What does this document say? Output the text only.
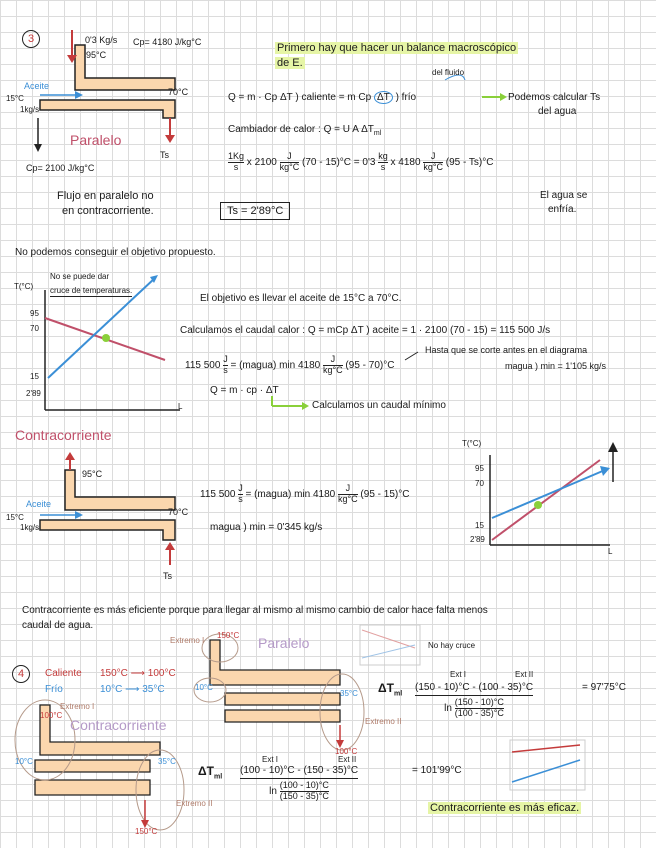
3	0'3 Kg/s Cp= 4180 J/kg°C
95°C
Aceite
15°C
1kg/s
70°C
Paralelo
Ts
Cp= 2100 J/kg°C
Flujo en paralelo no
en contracorriente.
Primero hay que hacer un balance macroscópico
de E.
del fluido
Q = m · Cp ΔT ) caliente = m Cp ΔT ) frío	Podemos calcular Ts
del agua
Cambiador de calor : Q = U A $\Delta T_{ml}$
$\frac{1Kg}{s}$ x $2100 \frac{J}{kg^\circ C} (70 - 15)^\circ C = 0'3 \frac{kg}{s}$ x $4180 \frac{J}{kg^\circ C} (95 - Ts)^\circ C$
El agua se
enfría.
Ts = 2'89°C
No podemos conseguir el objetivo propuesto.
No se puede dar
cruce de temperaturas.
T(°C)
L
95
70
15
2'89
El objetivo es llevar el aceite de 15°C a 70°C.
Calculamos el caudal calor : Q = mCp ΔT ) aceite = 1 · 2100 (70 - 15) = 115 500 J/s
115 $500 \frac{J}{s}$ = (magua) $\min 4180 \frac{J}{kg^\circ C} (95 - 70)^\circ C$
Hasta que se corte antes en el diagrama
magua ) min = 1'105 kg/s
Q = m · cp · ΔT
Calculamos un caudal mínimo
Contracorriente
95°C
Aceite
15°C
1kg/s
70°C
Ts
115 $500 \frac{J}{s}$ = (magua) $\min 4180 \frac{J}{kg^\circ C} (95 - 15)^\circ C$
magua ) min = 0'345 kg/s
T(°C)
L
95
70
15
2'89
Contracorriente es más eficiente porque para llegar al mismo al mismo cambio de calor hace falta menos
caudal de agua.
4	Caliente 150°C ⟶ 100°C
Frío	10°C ⟶ 35°C
Extremo I
Extremo I
Extremo II
Extremo II
Paralelo
Contracorriente
No hay cruce
150°C
10°C
100°C
35°C
100°C
10°C	35°C
150°C
$\Delta T_{ml} \frac{(150 - 10)^\circ C - (100 - 35)^\circ C}{\ln \frac{(150 - 10)^\circ C}{(100 - 35)^\circ C}}$	= 97'75°C
Ext I	Ext II
$\Delta T_{ml} \frac{(100 - 10)^\circ C - (150 - 35)^\circ C}{\ln \frac{(100 - 10)^\circ C}{(150 - 35)^\circ C}}$	= 101'99°C
Ext I	Ext II
Contracorriente es más eficaz.
